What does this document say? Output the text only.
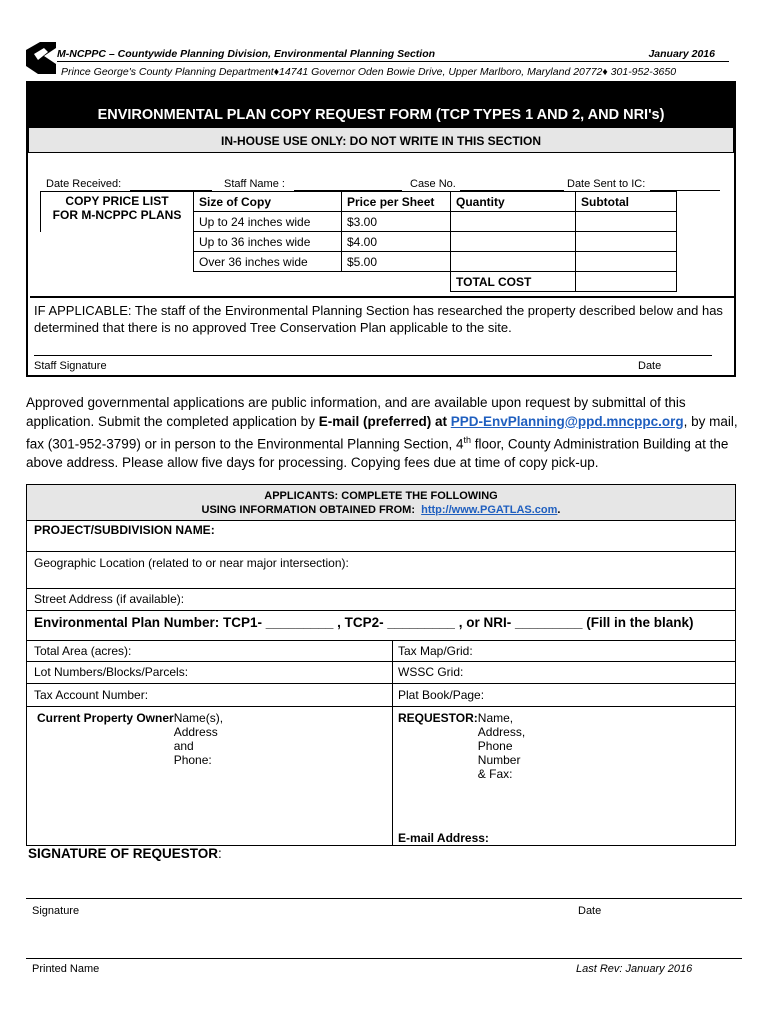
M-NCPPC – Countywide Planning Division, Environmental Planning Section	January 2016
Prince George's County Planning Department♦14741 Governor Oden Bowie Drive, Upper Marlboro, Maryland 20772♦ 301-952-3650
ENVIRONMENTAL PLAN COPY REQUEST FORM (TCP TYPES 1 AND 2, AND NRI's)
IN-HOUSE USE ONLY: DO NOT WRITE IN THIS SECTION
Date Received:	Staff Name :	Case No.	Date Sent to IC:
COPY PRICE LIST
FOR M-NCPPC PLANS	Size of Copy	Price per Sheet	Quantity	Subtotal
	Up to 24 inches wide	$3.00		
	Up to 36 inches wide	$4.00		
	Over 36 inches wide	$5.00		
			TOTAL COST	
IF APPLICABLE: The staff of the Environmental Planning Section has researched the property described below and has determined that there is no approved Tree Conservation Plan applicable to the site.
Staff Signature	Date
Approved governmental applications are public information, and are available upon request by submittal of this application. Submit the completed application by E-mail (preferred) at PPD-EnvPlanning@ppd.mncppc.org, by mail, fax (301-952-3799) or in person to the Environmental Planning Section, 4th floor, County Administration Building at the above address. Please allow five days for processing. Copying fees due at time of copy pick-up.
APPLICANTS: COMPLETE THE FOLLOWING
USING INFORMATION OBTAINED FROM: http://www.PGATLAS.com.
PROJECT/SUBDIVISION NAME:
Geographic Location (related to or near major intersection):
Street Address (if available):
Environmental Plan Number: TCP1- _________ , TCP2- _________ , or NRI- _________ (Fill in the blank)
Total Area (acres):	Tax Map/Grid:
Lot Numbers/Blocks/Parcels:	WSSC Grid:
Tax Account Number:	Plat Book/Page:
Current Property Owner Name(s), Address and Phone:
REQUESTOR: Name, Address, Phone Number & Fax:
E-mail Address:
SIGNATURE OF REQUESTOR:
Signature	Date
Printed Name	Last Rev: January 2016
